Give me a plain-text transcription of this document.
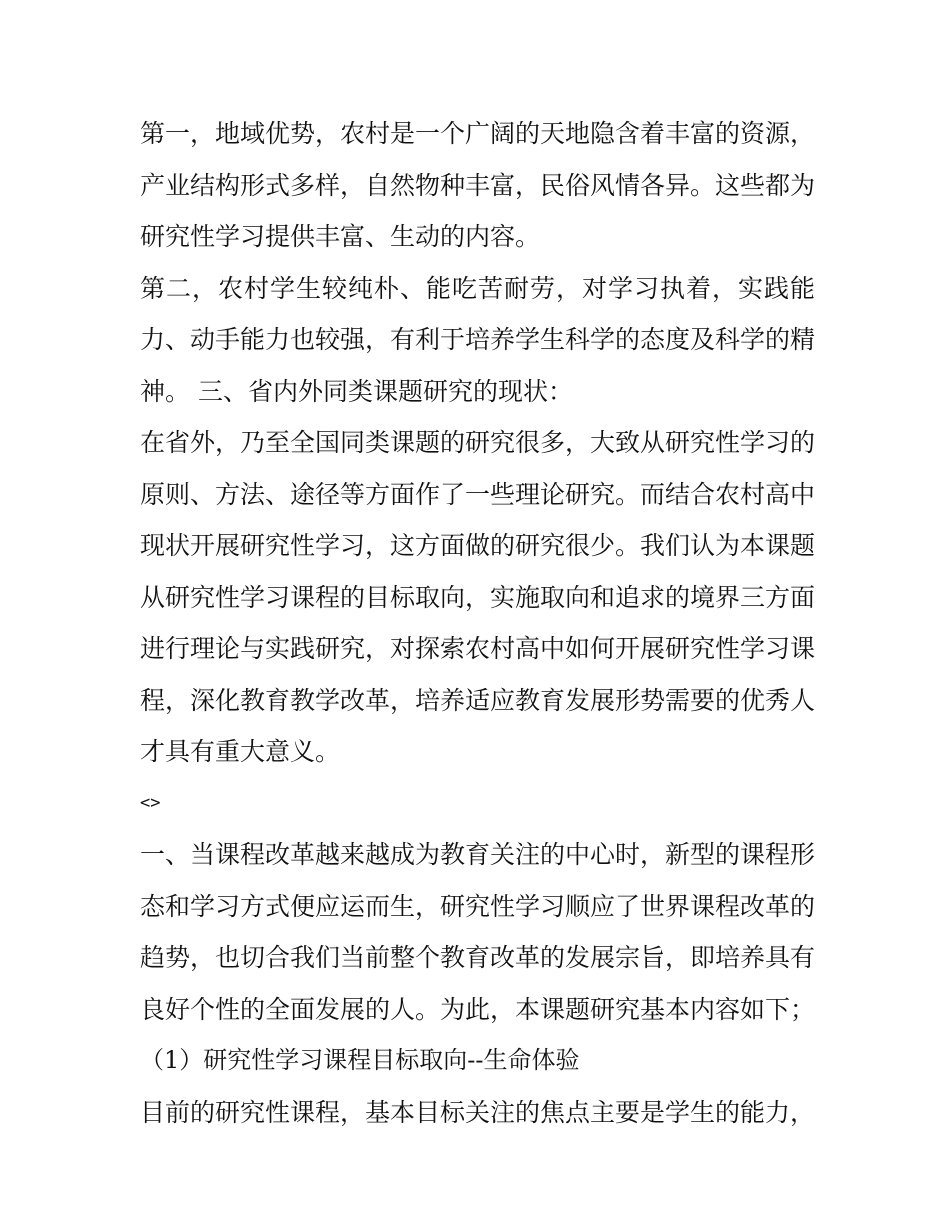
第一，地域优势，农村是一个广阔的天地隐含着丰富的资源，产业结构形式多样，自然物种丰富，民俗风情各异。这些都为研究性学习提供丰富、生动的内容。

第二，农村学生较纯朴、能吃苦耐劳，对学习执着，实践能力、动手能力也较强，有利于培养学生科学的态度及科学的精神。 三、省内外同类课题研究的现状：

在省外，乃至全国同类课题的研究很多，大致从研究性学习的原则、方法、途径等方面作了一些理论研究。而结合农村高中现状开展研究性学习，这方面做的研究很少。我们认为本课题从研究性学习课程的目标取向，实施取向和追求的境界三方面进行理论与实践研究，对探索农村高中如何开展研究性学习课程，深化教育教学改革，培养适应教育发展形势需要的优秀人才具有重大意义。

<>

一、当课程改革越来越成为教育关注的中心时，新型的课程形态和学习方式便应运而生，研究性学习顺应了世界课程改革的趋势，也切合我们当前整个教育改革的发展宗旨，即培养具有良好个性的全面发展的人。为此，本课题研究基本内容如下；

（1）研究性学习课程目标取向--生命体验

目前的研究性课程，基本目标关注的焦点主要是学生的能力，
